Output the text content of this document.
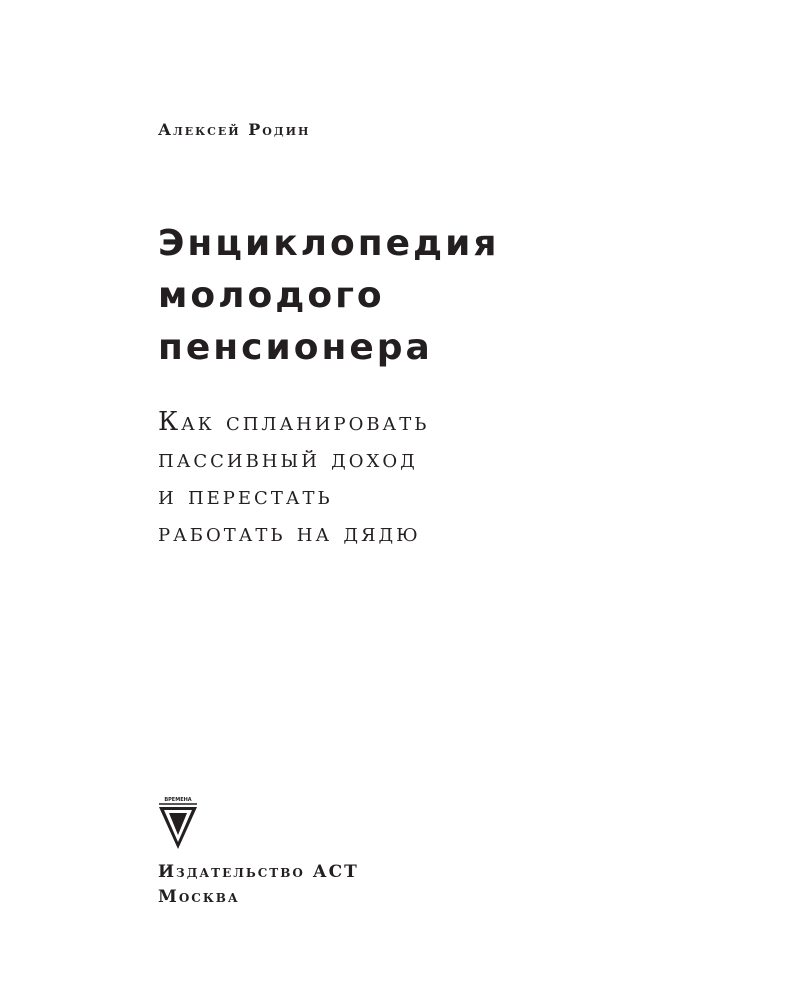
Алексей Родин
Энциклопедия
молодого
пенсионера
Как спланировать
пассивный доход
и перестать
работать на дядю
ВРЕМЕНА
Издательство АСТ
Москва
